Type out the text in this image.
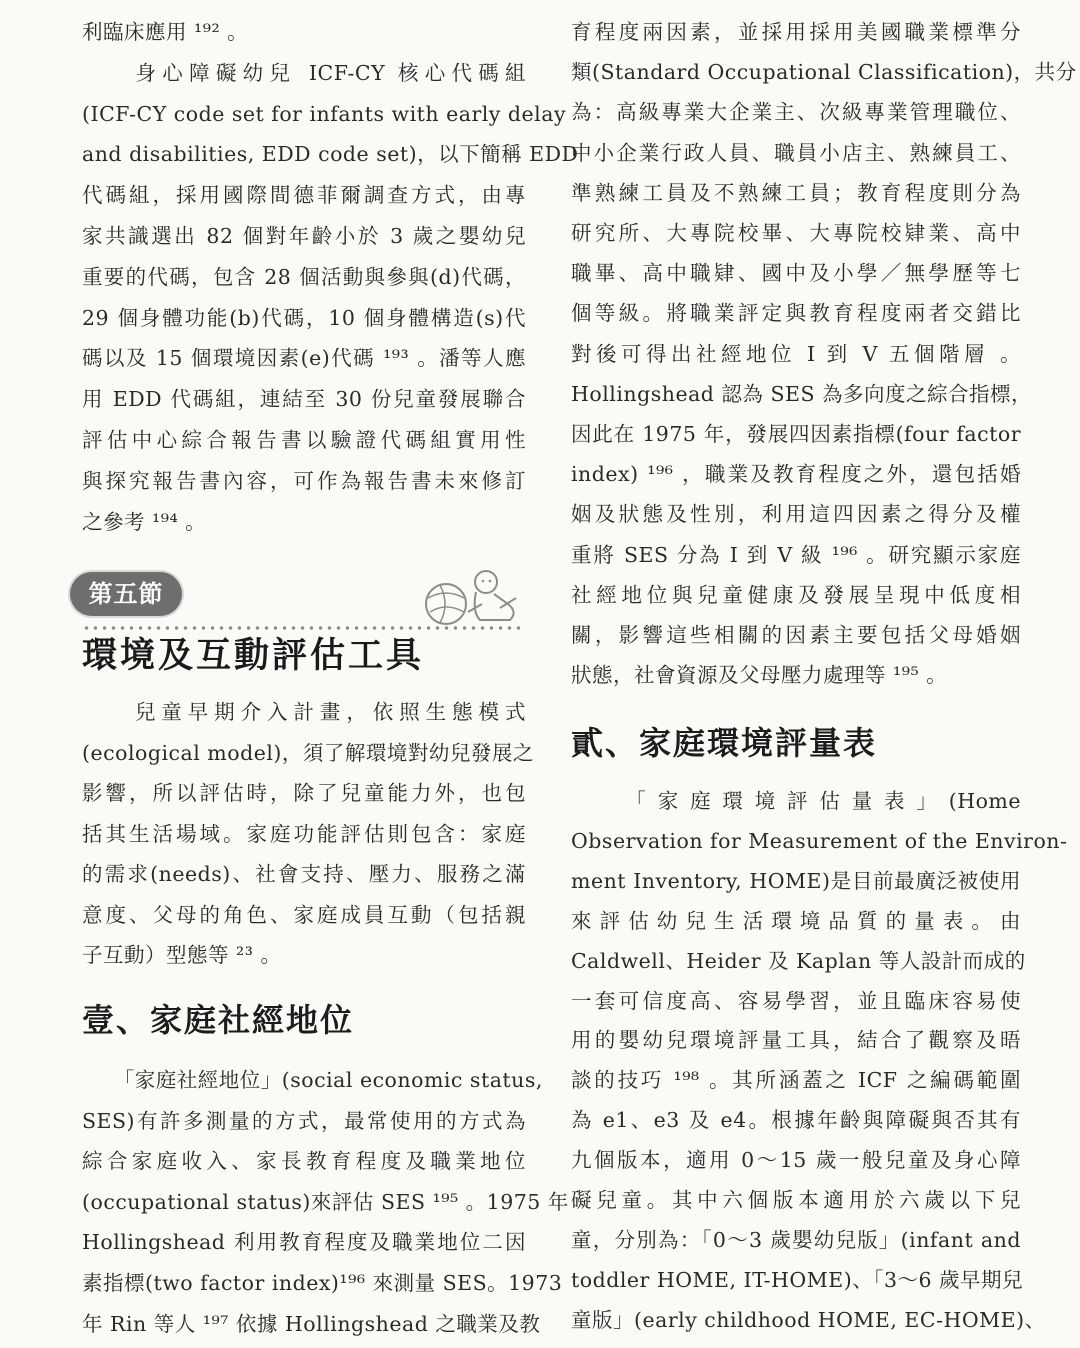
利臨床應用 ¹⁹² 。
　　身心障礙幼兒 ICF-CY 核心代碼組
(ICF-CY code set for infants with early delay
and disabilities, EDD code set)，以下簡稱 EDD
代碼組，採用國際間德菲爾調查方式，由專
家共識選出 82 個對年齡小於 3 歲之嬰幼兒
重要的代碼，包含 28 個活動與參與(d)代碼，
29 個身體功能(b)代碼，10 個身體構造(s)代
碼以及 15 個環境因素(e)代碼 ¹⁹³ 。潘等人應
用 EDD 代碼組，連結至 30 份兒童發展聯合
評估中心綜合報告書以驗證代碼組實用性
與探究報告書內容，可作為報告書未來修訂
之參考 ¹⁹⁴ 。
第五節
環境及互動評估工具
　　兒童早期介入計畫，依照生態模式
(ecological model)，須了解環境對幼兒發展之
影響，所以評估時，除了兒童能力外，也包
括其生活場域。家庭功能評估則包含：家庭
的需求(needs)、社會支持、壓力、服務之滿
意度、父母的角色、家庭成員互動（包括親
子互動）型態等 ²³ 。
壹、家庭社經地位
　　「家庭社經地位」(social economic status,
SES)有許多測量的方式，最常使用的方式為
綜合家庭收入、家長教育程度及職業地位
(occupational status)來評估 SES ¹⁹⁵ 。1975 年
Hollingshead 利用教育程度及職業地位二因
素指標(two factor index)¹⁹⁶ 來測量 SES。1973
年 Rin 等人 ¹⁹⁷ 依據 Hollingshead 之職業及教
育程度兩因素，並採用採用美國職業標準分
類(Standard Occupational Classification)，共分
為：高級專業大企業主、次級專業管理職位、
中小企業行政人員、職員小店主、熟練員工、
準熟練工員及不熟練工員；教育程度則分為
研究所、大專院校畢、大專院校肄業、高中
職畢、高中職肄、國中及小學／無學歷等七
個等級。將職業評定與教育程度兩者交錯比
對後可得出社經地位 I 到 V 五個階層 。
Hollingshead 認為 SES 為多向度之綜合指標，
因此在 1975 年，發展四因素指標(four factor
index) ¹⁹⁶ ，職業及教育程度之外，還包括婚
姻及狀態及性別，利用這四因素之得分及權
重將 SES 分為 I 到 V 級 ¹⁹⁶ 。研究顯示家庭
社經地位與兒童健康及發展呈現中低度相
關，影響這些相關的因素主要包括父母婚姻
狀態，社會資源及父母壓力處理等 ¹⁹⁵ 。
貳、家庭環境評量表
　　「家庭環境評估量表」(Home
Observation for Measurement of the Environ-
ment Inventory, HOME)是目前最廣泛被使用
來評估幼兒生活環境品質的量表。由
Caldwell、Heider 及 Kaplan 等人設計而成的
一套可信度高、容易學習，並且臨床容易使
用的嬰幼兒環境評量工具，結合了觀察及晤
談的技巧 ¹⁹⁸ 。其所涵蓋之 ICF 之編碼範圍
為 e1、e3 及 e4。根據年齡與障礙與否其有
九個版本，適用 0～15 歲一般兒童及身心障
礙兒童。其中六個版本適用於六歲以下兒
童，分別為：「0～3 歲嬰幼兒版」(infant and
toddler HOME, IT-HOME)、「3～6 歲早期兒
童版」(early childhood HOME, EC-HOME)、
